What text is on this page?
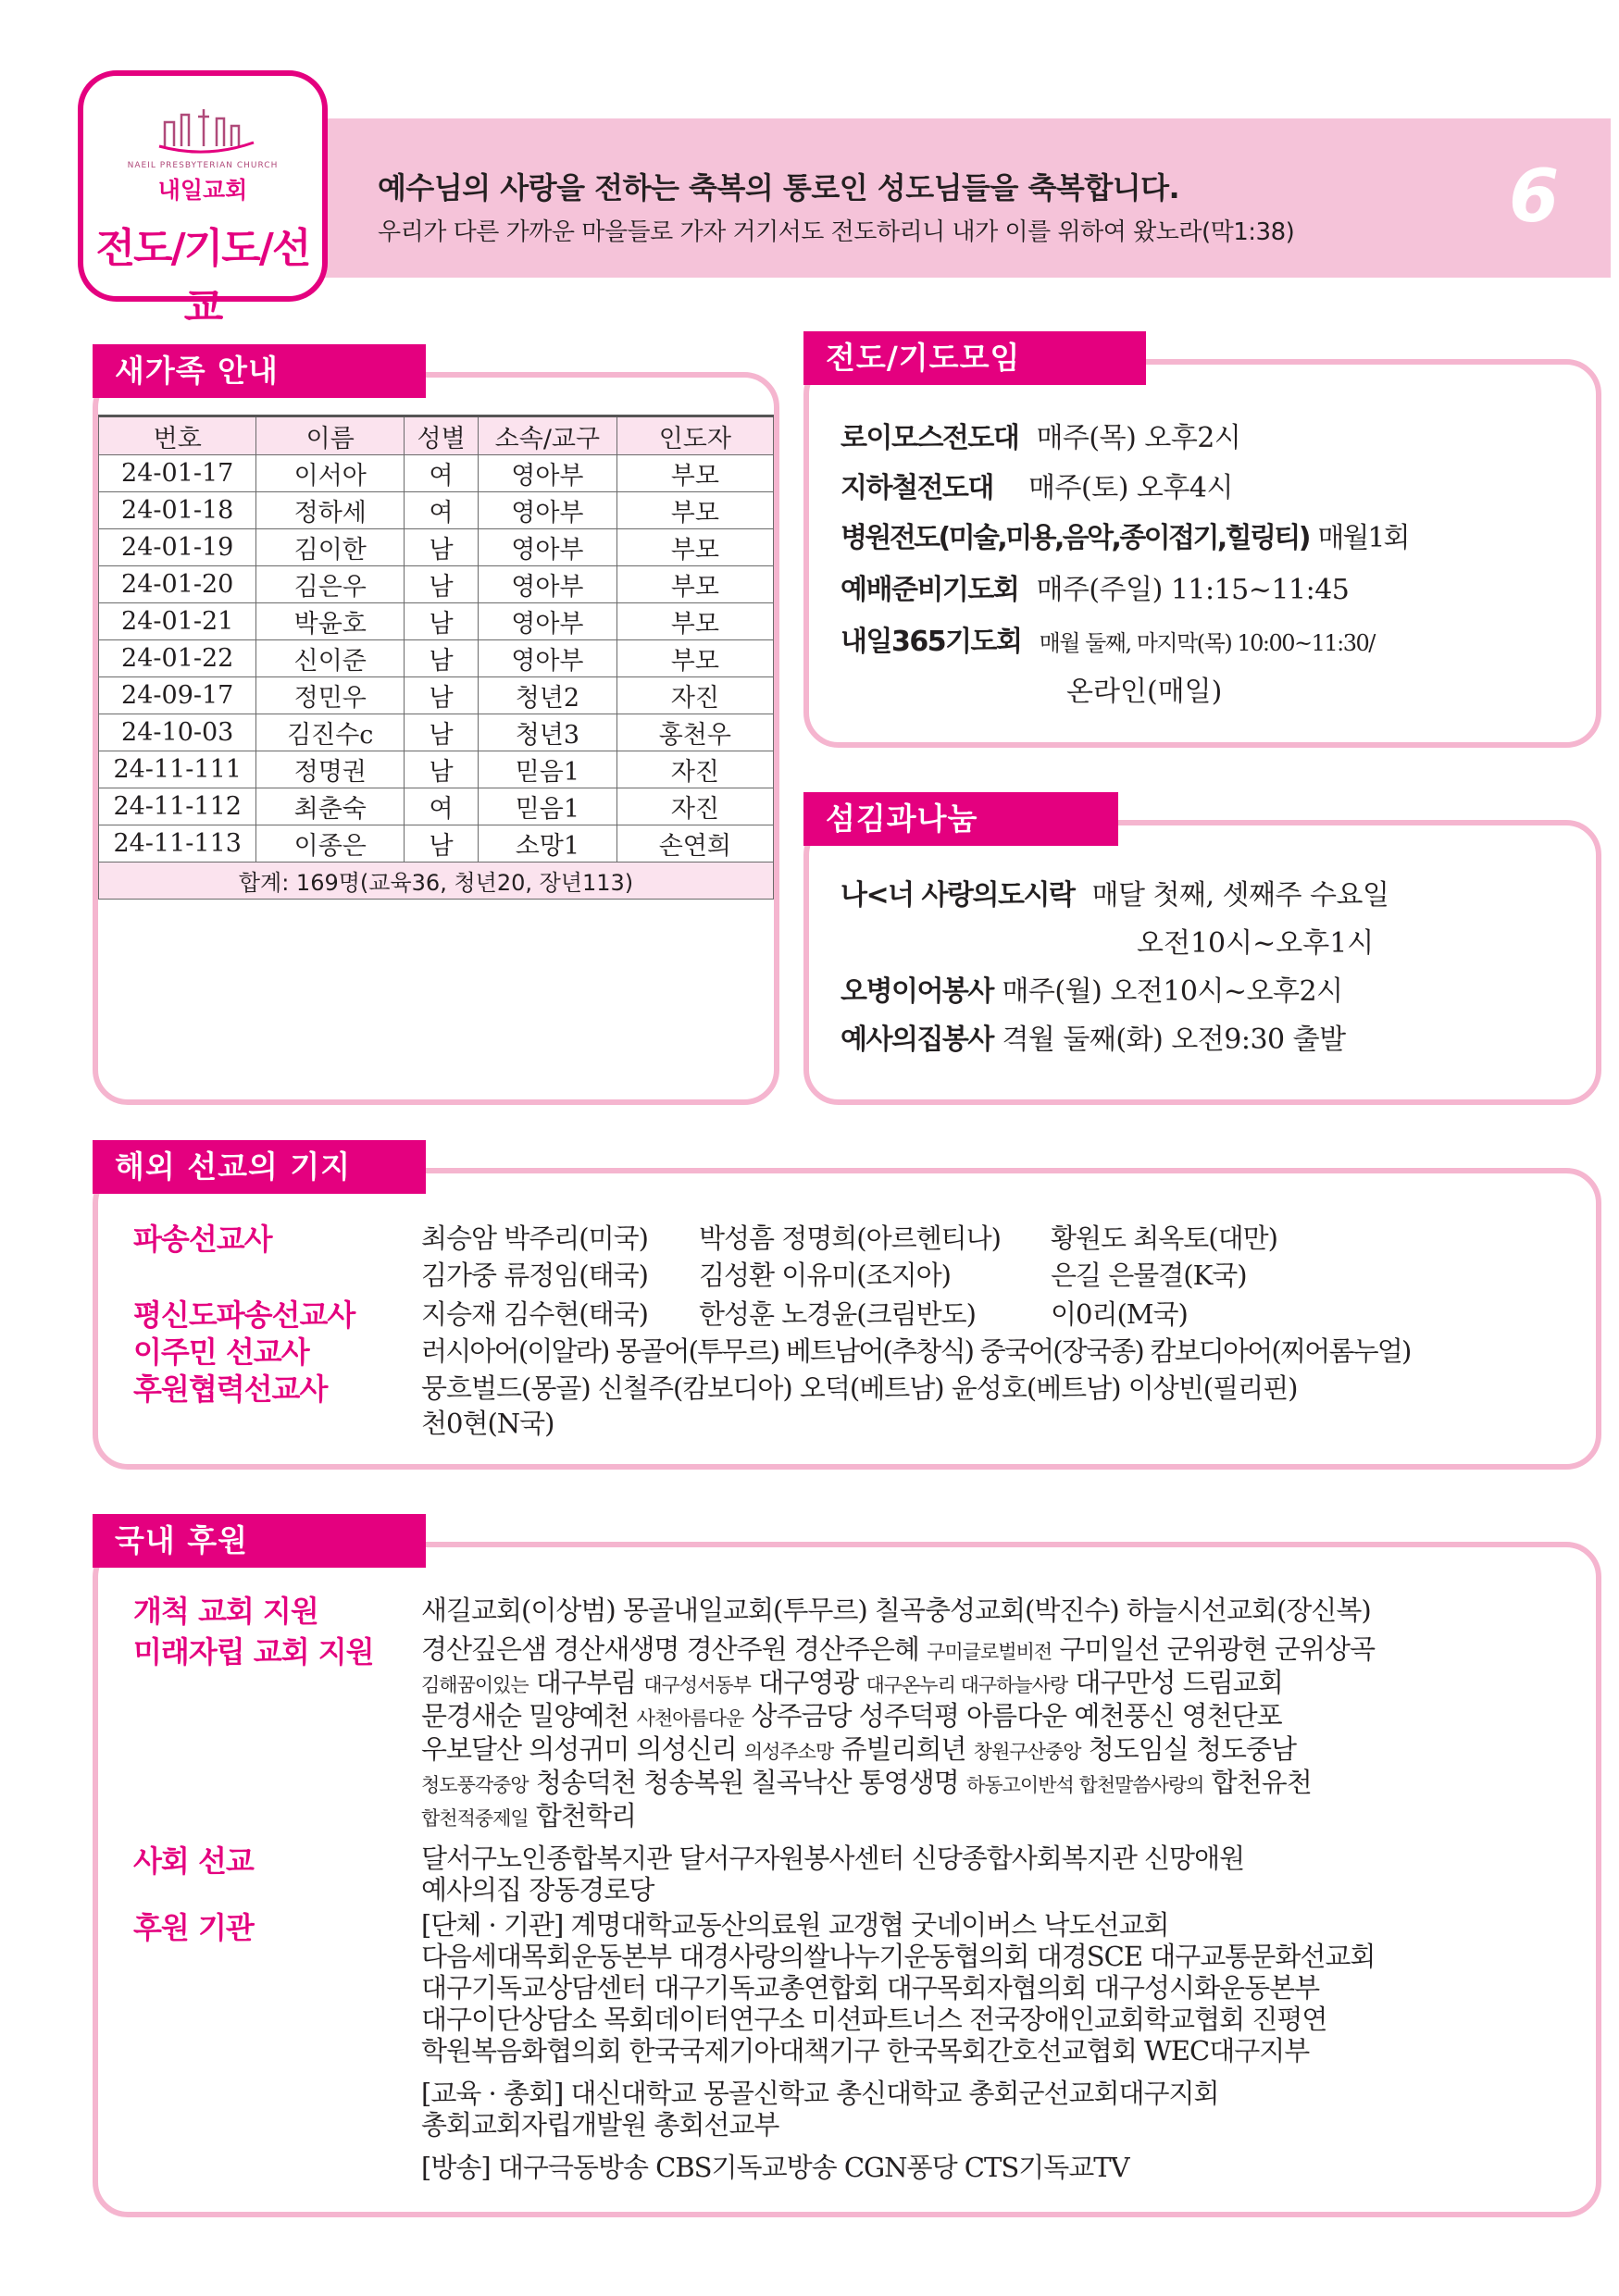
NAEIL PRESBYTERIAN CHURCH
내일교회
전도/기도/선교
예수님의 사랑을 전하는 축복의 통로인 성도님들을 축복합니다.
우리가 다른 가까운 마을들로 가자 거기서도 전도하리니 내가 이를 위하여 왔노라(막1:38)	6
새가족 안내
번호	이름	성별	소속/교구	인도자
24-01-17	이서아	여	영아부	부모
24-01-18	정하세	여	영아부	부모
24-01-19	김이한	남	영아부	부모
24-01-20	김은우	남	영아부	부모
24-01-21	박윤호	남	영아부	부모
24-01-22	신이준	남	영아부	부모
24-09-17	정민우	남	청년2	자진
24-10-03	김진수c	남	청년3	홍천우
24-11-111	정명권	남	믿음1	자진
24-11-112	최춘숙	여	믿음1	자진
24-11-113	이종은	남	소망1	손연희
합계: 169명(교육36, 청년20, 장년113)				
전도/기도모임
로이모스전도대 매주(목) 오후2시
지하철전도대 매주(토) 오후4시
병원전도(미술,미용,음악,종이접기,힐링티) 매월1회
예배준비기도회 매주(주일) 11:15~11:45
내일365기도회 매월 둘째, 마지막(목) 10:00~11:30/
온라인(매일)
섬김과나눔
나<너 사랑의도시락 매달 첫째, 셋째주 수요일
오전10시~오후1시
오병이어봉사 매주(월) 오전10시~오후2시
예사의집봉사 격월 둘째(화) 오전9:30 출발
해외 선교의 기지
파송선교사
평신도파송선교사
이주민 선교사
후원협력선교사
최승암 박주리(미국) 박성흠 정명희(아르헨티나) 황원도 최옥토(대만)
김가중 류정임(태국) 김성환 이유미(조지아)	은길 은물결(K국)
지승재 김수현(태국) 한성훈 노경윤(크림반도)	이0리(M국)
러시아어(이알라) 몽골어(투무르) 베트남어(추창식) 중국어(장국종) 캄보디아어(찌어롬누얼)
뭉흐벌드(몽골) 신철주(캄보디아) 오덕(베트남) 윤성호(베트남) 이상빈(필리핀)
천0현(N국)
국내 후원
개척 교회 지원
미래자립 교회 지원
사회 선교
후원 기관
새길교회(이상범) 몽골내일교회(투무르) 칠곡충성교회(박진수) 하늘시선교회(장신복)
경산깊은샘 경산새생명 경산주원 경산주은혜 구미글로벌비전 구미일선 군위광현 군위상곡
김해꿈이있는 대구부림 대구성서동부 대구영광 대구온누리 대구하늘사랑 대구만성 드림교회
문경새순 밀양예천 사천아름다운 상주금당 성주덕평 아름다운 예천풍신 영천단포
우보달산 의성귀미 의성신리 의성주소망 쥬빌리희년 창원구산중앙 청도임실 청도중남
청도풍각중앙 청송덕천 청송복원 칠곡낙산 통영생명 하동고이반석 합천말씀사랑의 합천유천
합천적중제일 합천학리
달서구노인종합복지관 달서구자원봉사센터 신당종합사회복지관 신망애원
예사의집 장동경로당
[단체 · 기관] 계명대학교동산의료원 교갱협 굿네이버스 낙도선교회
다음세대목회운동본부 대경사랑의쌀나누기운동협의회 대경SCE 대구교통문화선교회
대구기독교상담센터 대구기독교총연합회 대구목회자협의회 대구성시화운동본부
대구이단상담소 목회데이터연구소 미션파트너스 전국장애인교회학교협회 진평연
학원복음화협의회 한국국제기아대책기구 한국목회간호선교협회 WEC대구지부
[교육 · 총회] 대신대학교 몽골신학교 총신대학교 총회군선교회대구지회
총회교회자립개발원 총회선교부
[방송] 대구극동방송 CBS기독교방송 CGN퐁당 CTS기독교TV
